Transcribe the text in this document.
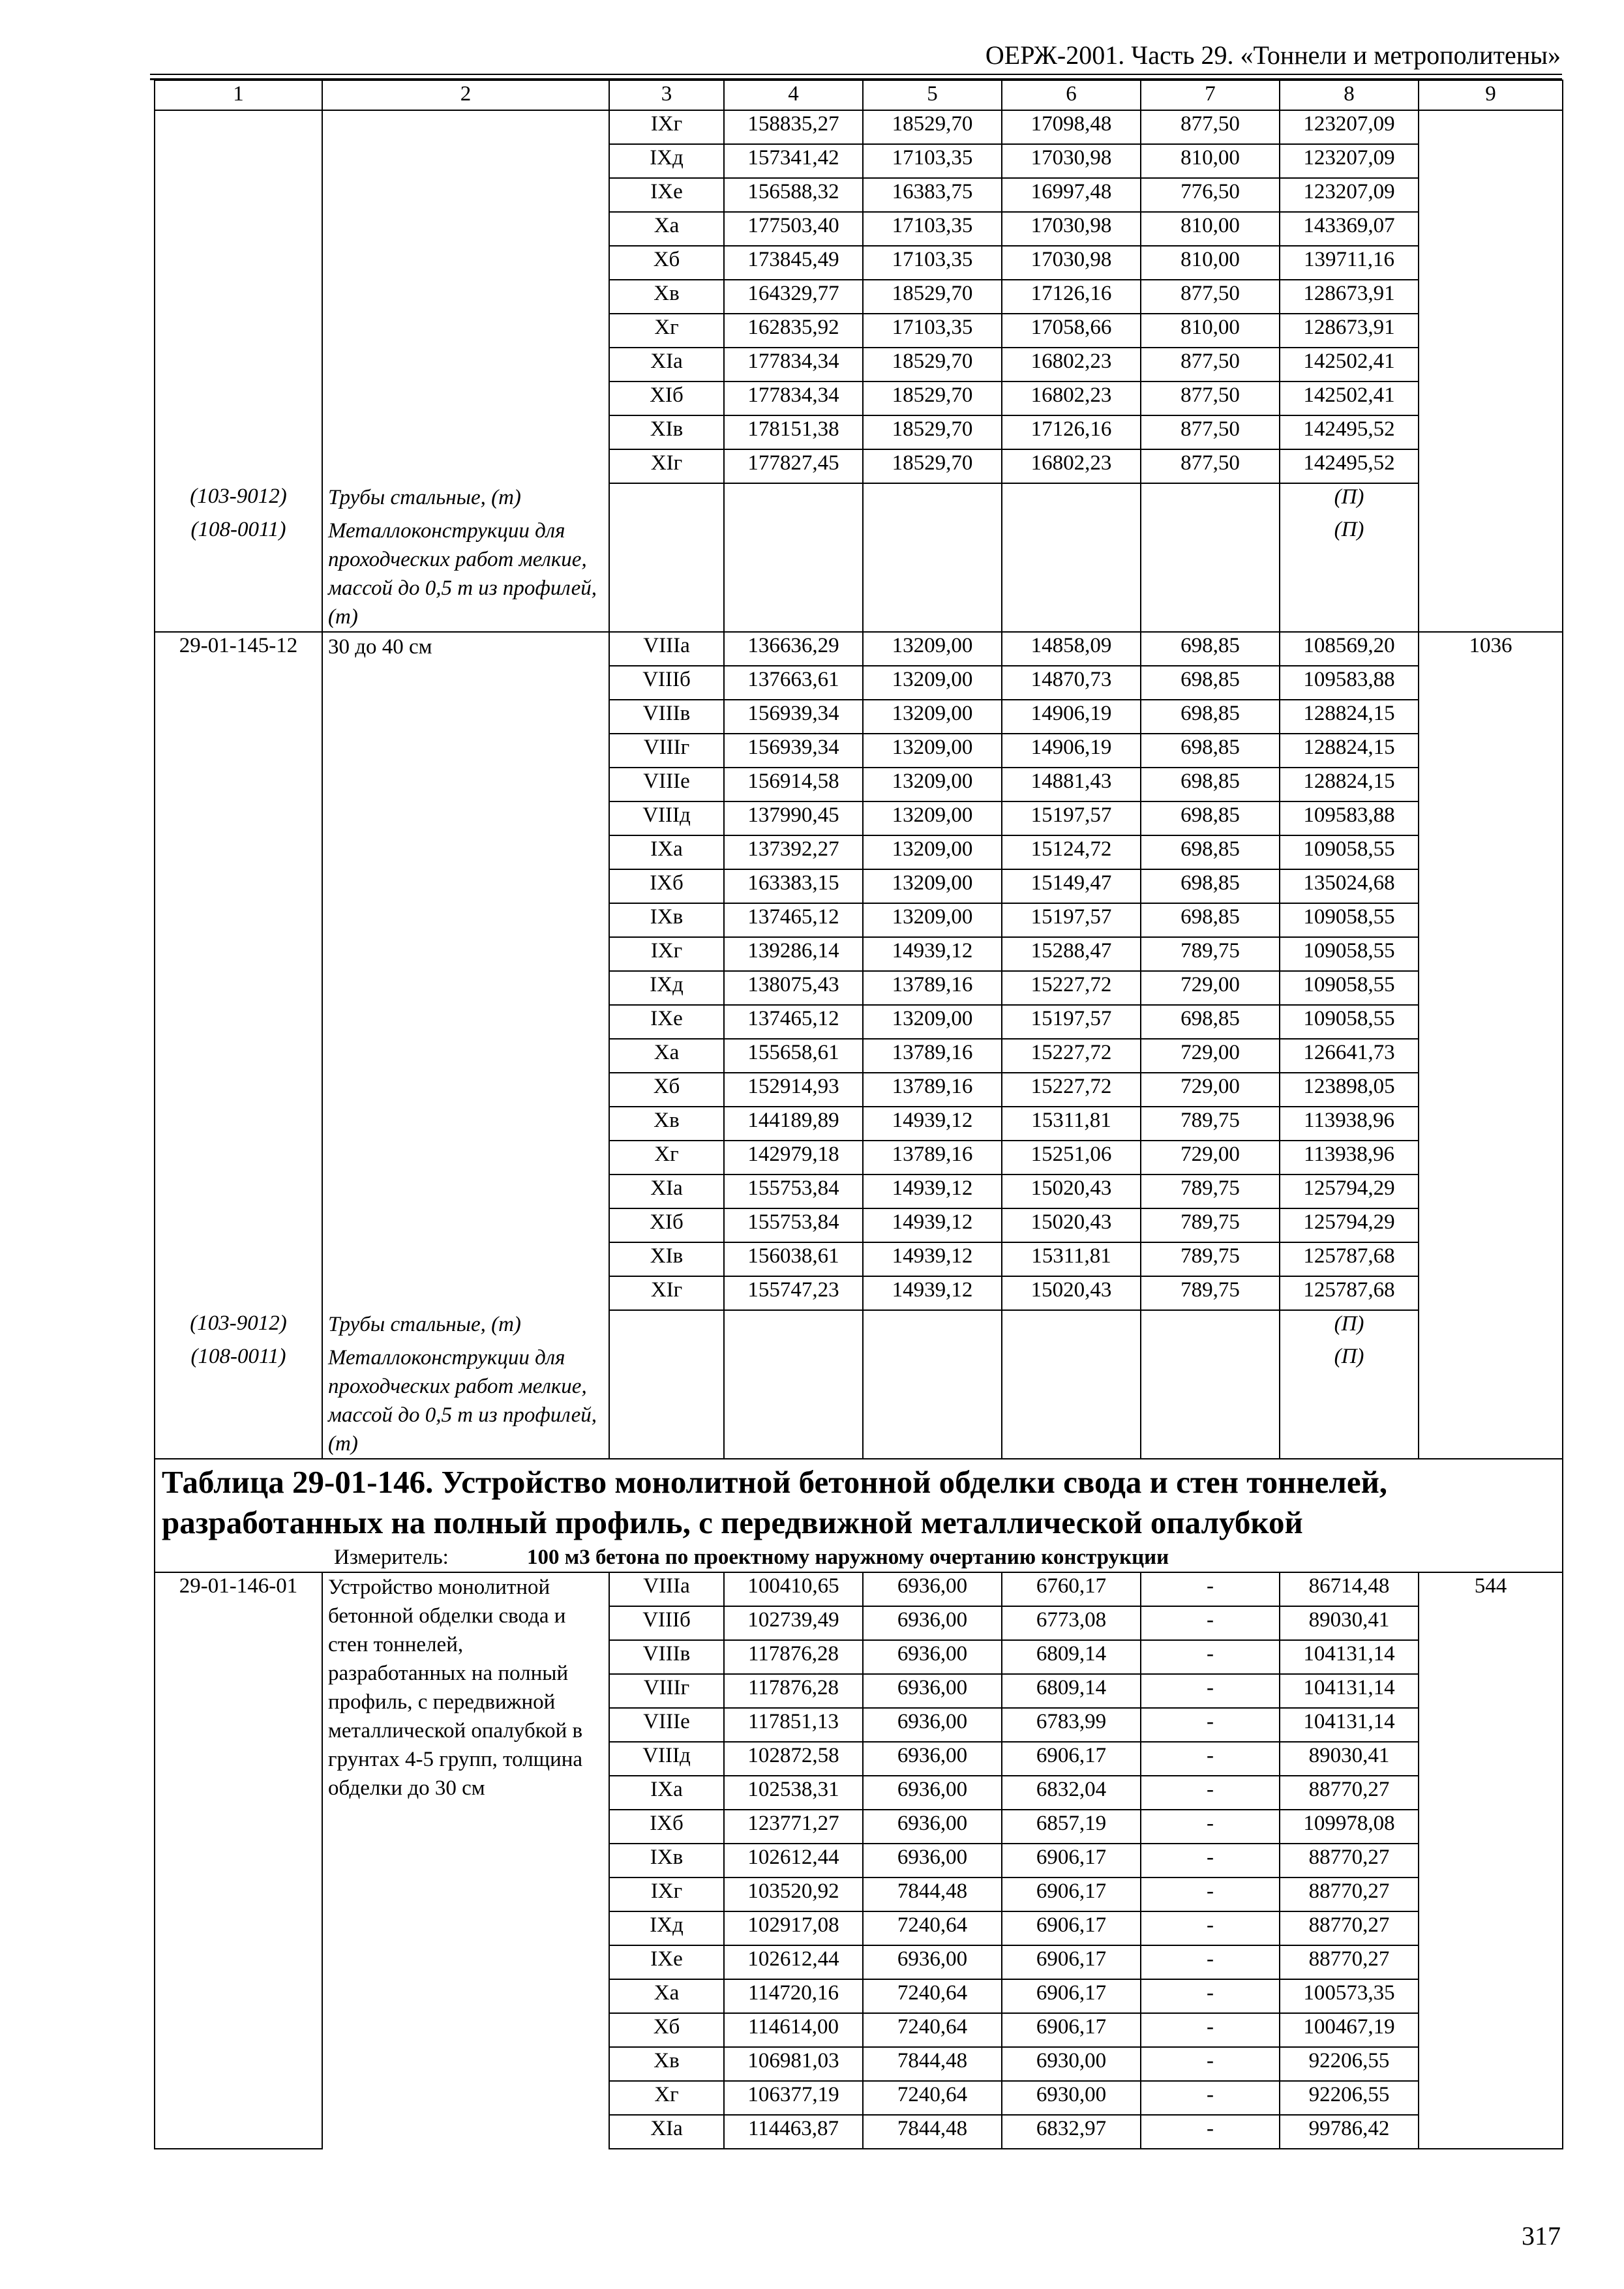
ОЕРЖ-2001. Часть 29. «Тоннели и метрополитены»
1	2	3	4	5	6	7	8	9
		IXг	158835,27	18529,70	17098,48	877,50	123207,09	
		IXд	157341,42	17103,35	17030,98	810,00	123207,09	
		IXе	156588,32	16383,75	16997,48	776,50	123207,09	
		Xа	177503,40	17103,35	17030,98	810,00	143369,07	
		Xб	173845,49	17103,35	17030,98	810,00	139711,16	
		Xв	164329,77	18529,70	17126,16	877,50	128673,91	
		Xг	162835,92	17103,35	17058,66	810,00	128673,91	
		XIа	177834,34	18529,70	16802,23	877,50	142502,41	
		XIб	177834,34	18529,70	16802,23	877,50	142502,41	
		XIв	178151,38	18529,70	17126,16	877,50	142495,52	
		XIг	177827,45	18529,70	16802,23	877,50	142495,52	
(103-9012)	Трубы стальные, (т)						(П)	
(108-0011)	Металлоконструкции для проходческих работ мелкие, массой до 0,5 т из профилей, (т)						(П)	
29-01-145-12	30 до 40 см	VIIIа	136636,29	13209,00	14858,09	698,85	108569,20	1036
		VIIIб	137663,61	13209,00	14870,73	698,85	109583,88	
		VIIIв	156939,34	13209,00	14906,19	698,85	128824,15	
		VIIIг	156939,34	13209,00	14906,19	698,85	128824,15	
		VIIIе	156914,58	13209,00	14881,43	698,85	128824,15	
		VIIIд	137990,45	13209,00	15197,57	698,85	109583,88	
		IXа	137392,27	13209,00	15124,72	698,85	109058,55	
		IXб	163383,15	13209,00	15149,47	698,85	135024,68	
		IXв	137465,12	13209,00	15197,57	698,85	109058,55	
		IXг	139286,14	14939,12	15288,47	789,75	109058,55	
		IXд	138075,43	13789,16	15227,72	729,00	109058,55	
		IXе	137465,12	13209,00	15197,57	698,85	109058,55	
		Xа	155658,61	13789,16	15227,72	729,00	126641,73	
		Xб	152914,93	13789,16	15227,72	729,00	123898,05	
		Xв	144189,89	14939,12	15311,81	789,75	113938,96	
		Xг	142979,18	13789,16	15251,06	729,00	113938,96	
		XIа	155753,84	14939,12	15020,43	789,75	125794,29	
		XIб	155753,84	14939,12	15020,43	789,75	125794,29	
		XIв	156038,61	14939,12	15311,81	789,75	125787,68	
		XIг	155747,23	14939,12	15020,43	789,75	125787,68	
(103-9012)	Трубы стальные, (т)						(П)	
(108-0011)	Металлоконструкции для проходческих работ мелкие, массой до 0,5 т из профилей, (т)						(П)	

Таблица 29-01-146. Устройство монолитной бетонной обделки свода и стен тоннелей, разработанных на полный профиль, с передвижной металлической опалубкой
Измеритель: 100 м3 бетона по проектному наружному очертанию конструкции								

29-01-146-01	Устройство монолитной бетонной обделки свода и стен тоннелей, разработанных на полный профиль, с передвижной металлической опалубкой в грунтах 4-5 групп, толщина обделки до 30 см	VIIIа	100410,65	6936,00	6760,17	-	86714,48	544
		VIIIб	102739,49	6936,00	6773,08	-	89030,41	
		VIIIв	117876,28	6936,00	6809,14	-	104131,14	
		VIIIг	117876,28	6936,00	6809,14	-	104131,14	
		VIIIе	117851,13	6936,00	6783,99	-	104131,14	
		VIIIд	102872,58	6936,00	6906,17	-	89030,41	
		IXа	102538,31	6936,00	6832,04	-	88770,27	
		IXб	123771,27	6936,00	6857,19	-	109978,08	
		IXв	102612,44	6936,00	6906,17	-	88770,27	
		IXг	103520,92	7844,48	6906,17	-	88770,27	
		IXд	102917,08	7240,64	6906,17	-	88770,27	
		IXе	102612,44	6936,00	6906,17	-	88770,27	
		Xа	114720,16	7240,64	6906,17	-	100573,35	
		Xб	114614,00	7240,64	6906,17	-	100467,19	
		Xв	106981,03	7844,48	6930,00	-	92206,55	
		Xг	106377,19	7240,64	6930,00	-	92206,55	
		XIа	114463,87	7844,48	6832,97	-	99786,42	
317
